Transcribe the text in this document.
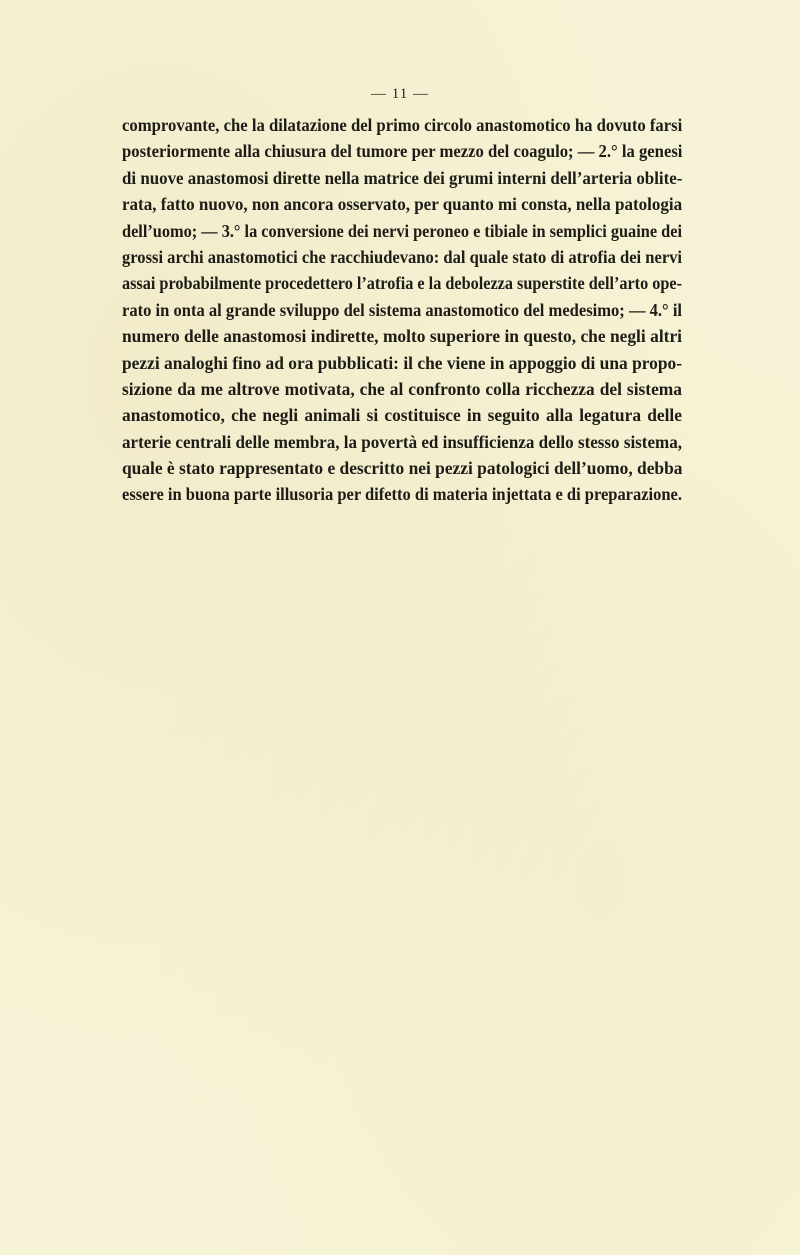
— 11 —
comprovante, che la dilatazione del primo circolo anastomotico ha dovuto farsi
posteriormente alla chiusura del tumore per mezzo del coagulo; — 2.° la genesi
di nuove anastomosi dirette nella matrice dei grumi interni dell’arteria oblite-
rata, fatto nuovo, non ancora osservato, per quanto mi consta, nella patologia
dell’uomo; — 3.° la conversione dei nervi peroneo e tibiale in semplici guaine dei
grossi archi anastomotici che racchiudevano: dal quale stato di atrofia dei nervi
assai probabilmente procedettero l’atrofia e la debolezza superstite dell’arto ope-
rato in onta al grande sviluppo del sistema anastomotico del medesimo; — 4.° il
numero delle anastomosi indirette, molto superiore in questo, che negli altri
pezzi analoghi fino ad ora pubblicati: il che viene in appoggio di una propo-
sizione da me altrove motivata, che al confronto colla ricchezza del sistema
anastomotico, che negli animali si costituisce in seguito alla legatura delle
arterie centrali delle membra, la povertà ed insufficienza dello stesso sistema,
quale è stato rappresentato e descritto nei pezzi patologici dell’uomo, debba
essere in buona parte illusoria per difetto di materia injettata e di preparazione.
